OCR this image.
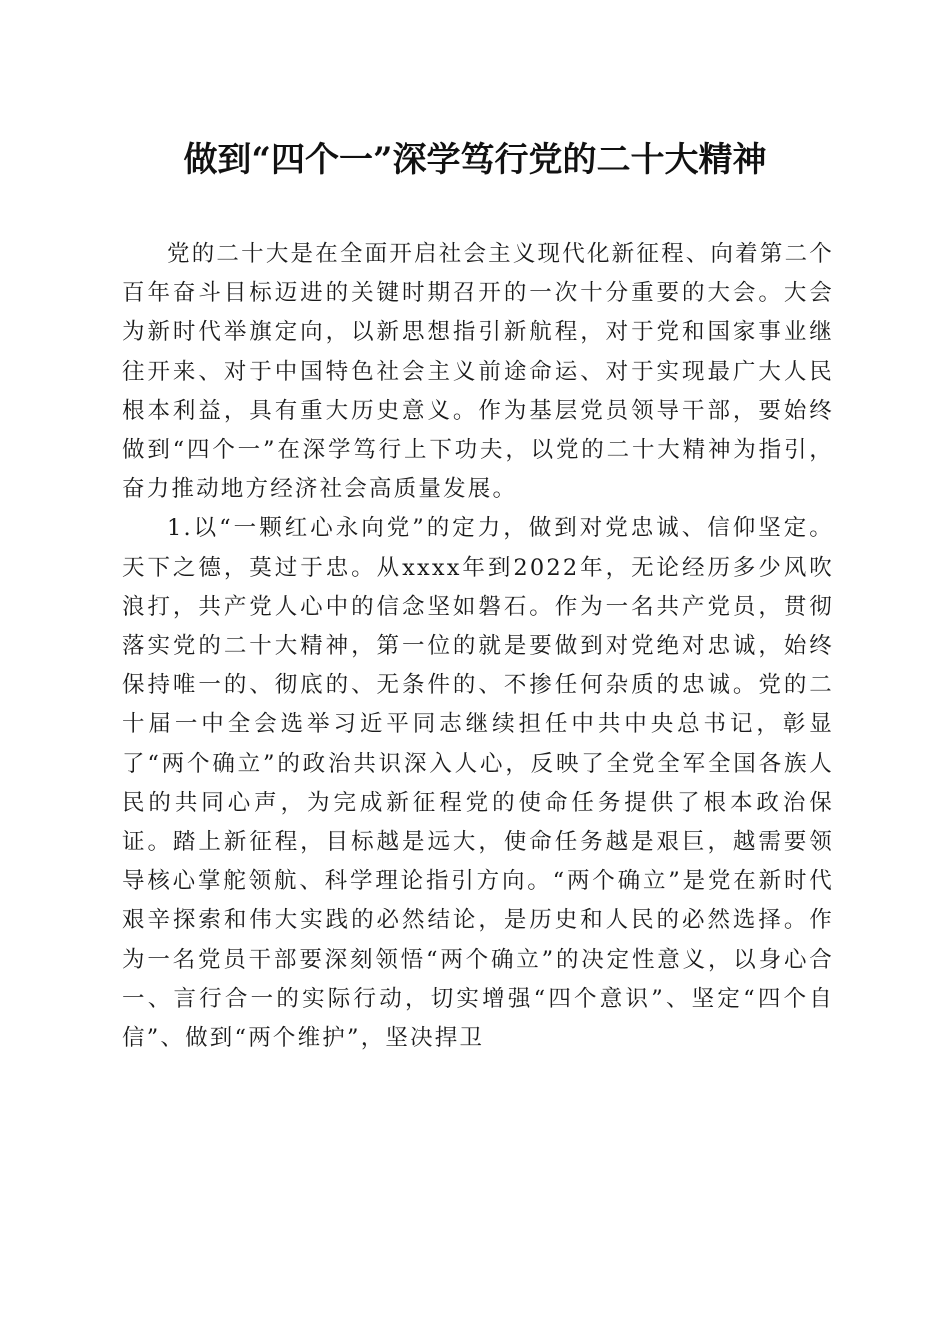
做到“四个一”深学笃行党的二十大精神

党的二十大是在全面开启社会主义现代化新征程、向着第二个百年奋斗目标迈进的关键时期召开的一次十分重要的大会。大会为新时代举旗定向，以新思想指引新航程，对于党和国家事业继往开来、对于中国特色社会主义前途命运、对于实现最广大人民根本利益，具有重大历史意义。作为基层党员领导干部，要始终做到“四个一”在深学笃行上下功夫，以党的二十大精神为指引，奋力推动地方经济社会高质量发展。

1.以“一颗红心永向党”的定力，做到对党忠诚、信仰坚定。天下之德，莫过于忠。从xxxx年到2022年，无论经历多少风吹浪打，共产党人心中的信念坚如磐石。作为一名共产党员，贯彻落实党的二十大精神，第一位的就是要做到对党绝对忠诚，始终保持唯一的、彻底的、无条件的、不掺任何杂质的忠诚。党的二十届一中全会选举习近平同志继续担任中共中央总书记，彰显了“两个确立”的政治共识深入人心，反映了全党全军全国各族人民的共同心声，为完成新征程党的使命任务提供了根本政治保证。踏上新征程，目标越是远大，使命任务越是艰巨，越需要领导核心掌舵领航、科学理论指引方向。“两个确立”是党在新时代艰辛探索和伟大实践的必然结论，是历史和人民的必然选择。作为一名党员干部要深刻领悟“两个确立”的决定性意义，以身心合一、言行合一的实际行动，切实增强“四个意识”、坚定“四个自信”、做到“两个维护”，坚决捍卫
